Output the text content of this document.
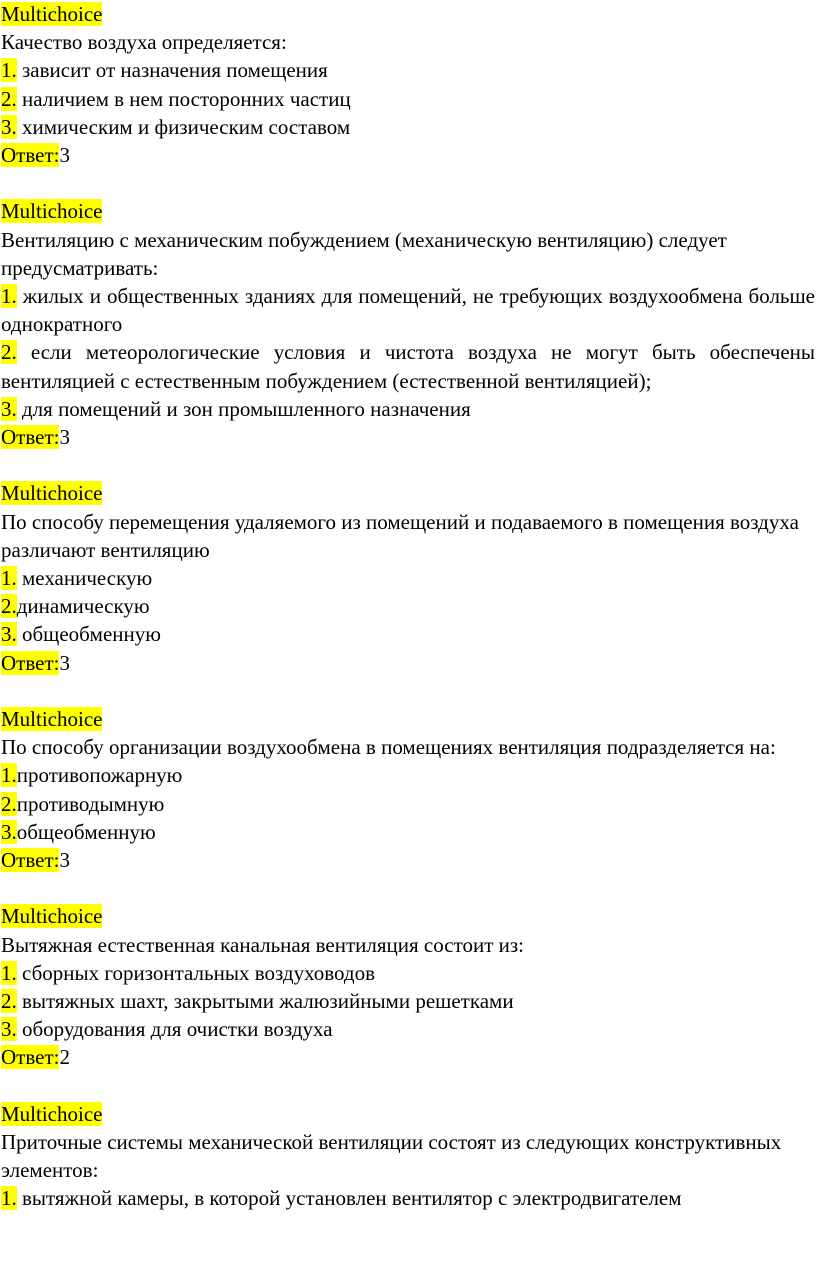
Multichoice

Качество воздуха определяется:

1. зависит от назначения помещения

2. наличием в нем посторонних частиц

3. химическим и физическим составом

Ответ:3

Multichoice

Вентиляцию с механическим побуждением (механическую вентиляцию) следует предусматривать:

1. жилых и общественных зданиях для помещений, не требующих воздухообмена больше однократного

2. если метеорологические условия и чистота воздуха не могут быть обеспечены вентиляцией с естественным побуждением (естественной вентиляцией);

3. для помещений и зон промышленного назначения

Ответ:3

Multichoice

По способу перемещения удаляемого из помещений и подаваемого в помещения воздуха различают вентиляцию

1. механическую

2.динамическую

3. общеобменную

Ответ:3

Multichoice

По способу организации воздухообмена в помещениях вентиляция подразделяется на:

1.противопожарную

2.противодымную

3.общеобменную

Ответ:3

Multichoice

Вытяжная естественная канальная вентиляция состоит из:

1. сборных горизонтальных воздуховодов

2. вытяжных шахт, закрытыми жалюзийными решетками

3. оборудования для очистки воздуха

Ответ:2

Multichoice

Приточные системы механической вентиляции состоят из следующих конструктивных элементов:

1. вытяжной камеры, в которой установлен вентилятор с электродвигателем
